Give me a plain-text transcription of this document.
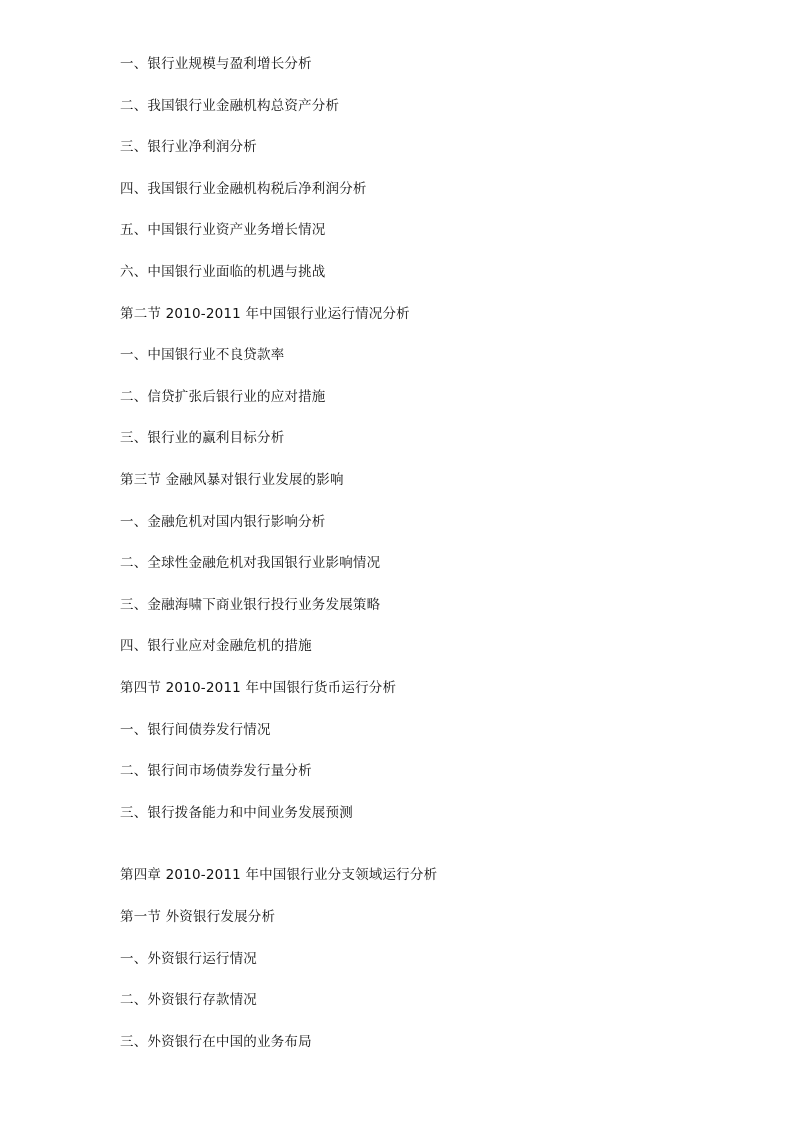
一、银行业规模与盈利增长分析
二、我国银行业金融机构总资产分析
三、银行业净利润分析
四、我国银行业金融机构税后净利润分析
五、中国银行业资产业务增长情况
六、中国银行业面临的机遇与挑战
第二节 2010-2011 年中国银行业运行情况分析
一、中国银行业不良贷款率
二、信贷扩张后银行业的应对措施
三、银行业的赢利目标分析
第三节 金融风暴对银行业发展的影响
一、金融危机对国内银行影响分析
二、全球性金融危机对我国银行业影响情况
三、金融海啸下商业银行投行业务发展策略
四、银行业应对金融危机的措施
第四节 2010-2011 年中国银行货币运行分析
一、银行间债券发行情况
二、银行间市场债券发行量分析
三、银行拨备能力和中间业务发展预测
第四章 2010-2011 年中国银行业分支领域运行分析
第一节 外资银行发展分析
一、外资银行运行情况
二、外资银行存款情况
三、外资银行在中国的业务布局
